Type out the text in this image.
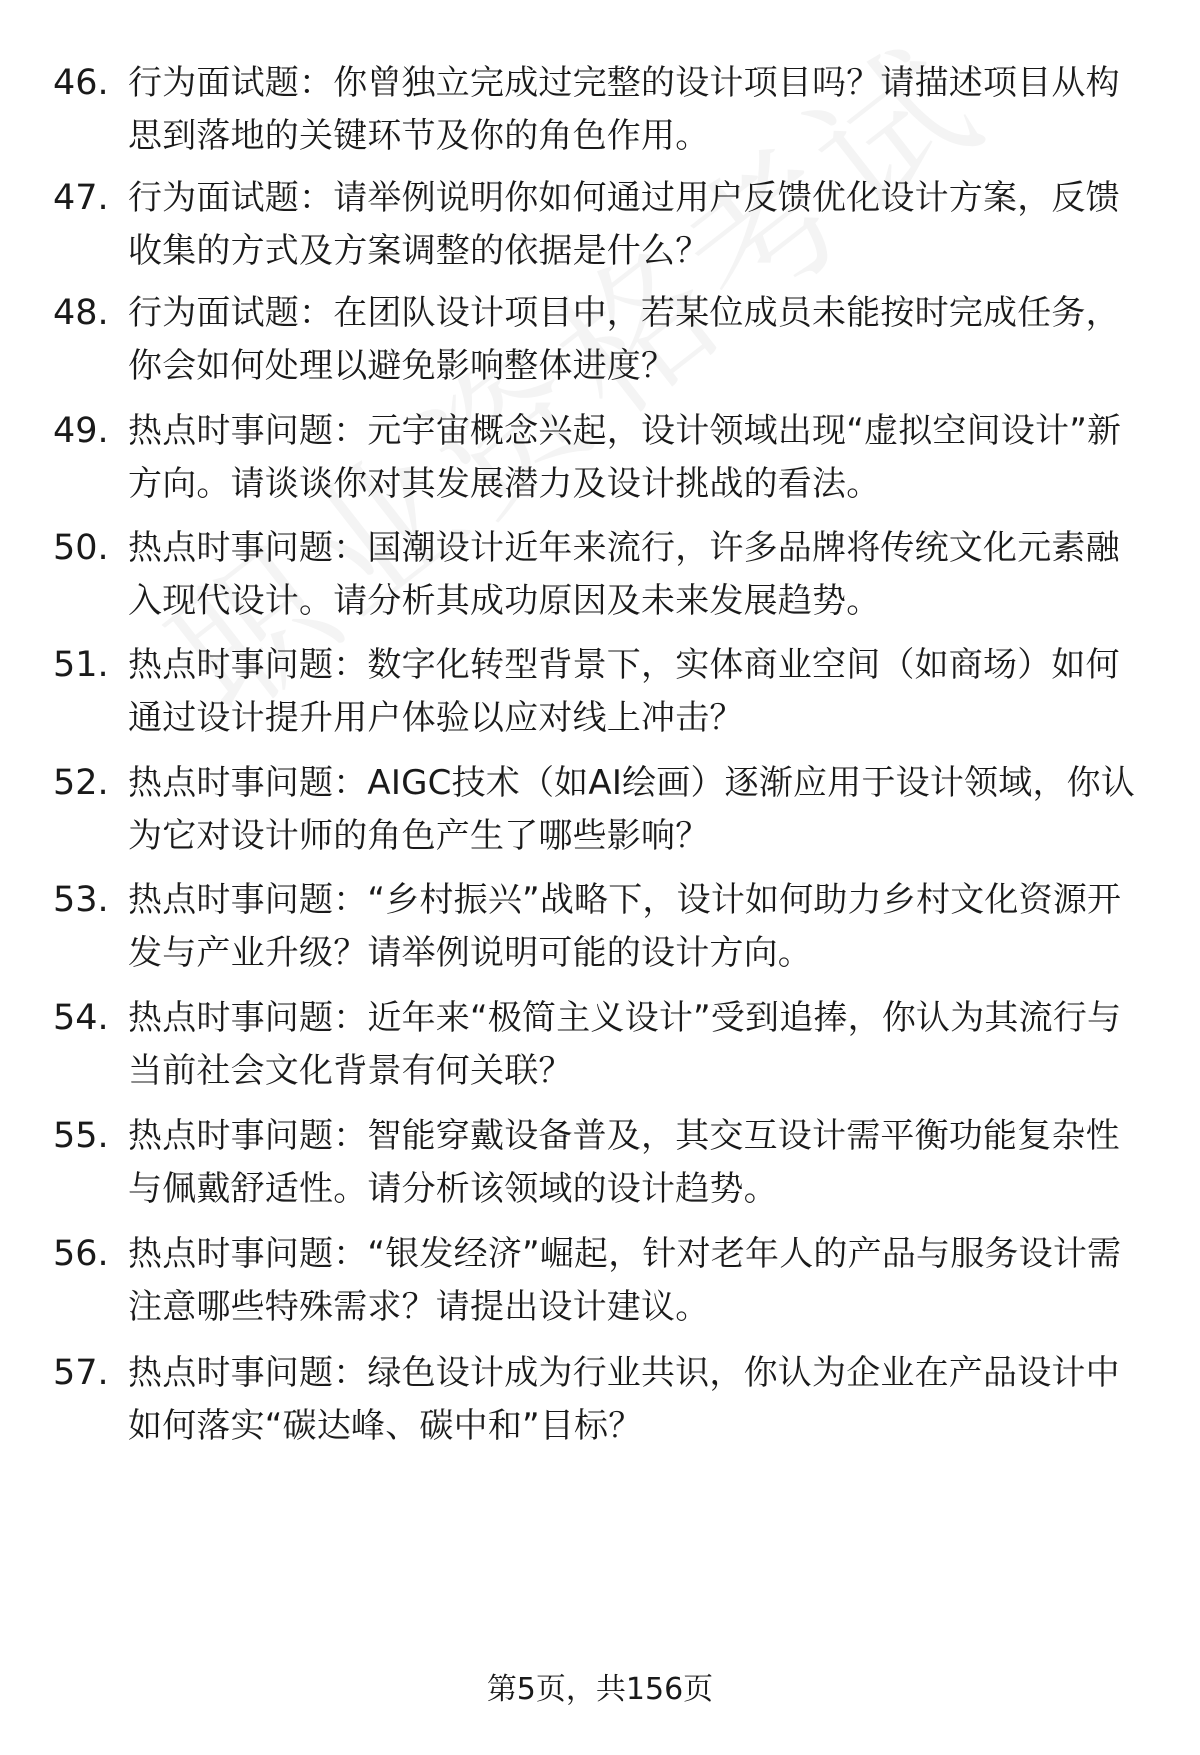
46. 行为面试题：你曾独立完成过完整的设计项目吗？请描述项目从构思到落地的关键环节及你的角色作用。
47. 行为面试题：请举例说明你如何通过用户反馈优化设计方案，反馈收集的方式及方案调整的依据是什么？
48. 行为面试题：在团队设计项目中，若某位成员未能按时完成任务，你会如何处理以避免影响整体进度？
49. 热点时事问题：元宇宙概念兴起，设计领域出现“虚拟空间设计”新方向。请谈谈你对其发展潜力及设计挑战的看法。
50. 热点时事问题：国潮设计近年来流行，许多品牌将传统文化元素融入现代设计。请分析其成功原因及未来发展趋势。
51. 热点时事问题：数字化转型背景下，实体商业空间（如商场）如何通过设计提升用户体验以应对线上冲击？
52. 热点时事问题：AIGC技术（如AI绘画）逐渐应用于设计领域，你认为它对设计师的角色产生了哪些影响？
53. 热点时事问题：“乡村振兴”战略下，设计如何助力乡村文化资源开发与产业升级？请举例说明可能的设计方向。
54. 热点时事问题：近年来“极简主义设计”受到追捧，你认为其流行与当前社会文化背景有何关联？
55. 热点时事问题：智能穿戴设备普及，其交互设计需平衡功能复杂性与佩戴舒适性。请分析该领域的设计趋势。
56. 热点时事问题：“银发经济”崛起，针对老年人的产品与服务设计需注意哪些特殊需求？请提出设计建议。
57. 热点时事问题：绿色设计成为行业共识，你认为企业在产品设计中如何落实“碳达峰、碳中和”目标？
第5页，共156页
